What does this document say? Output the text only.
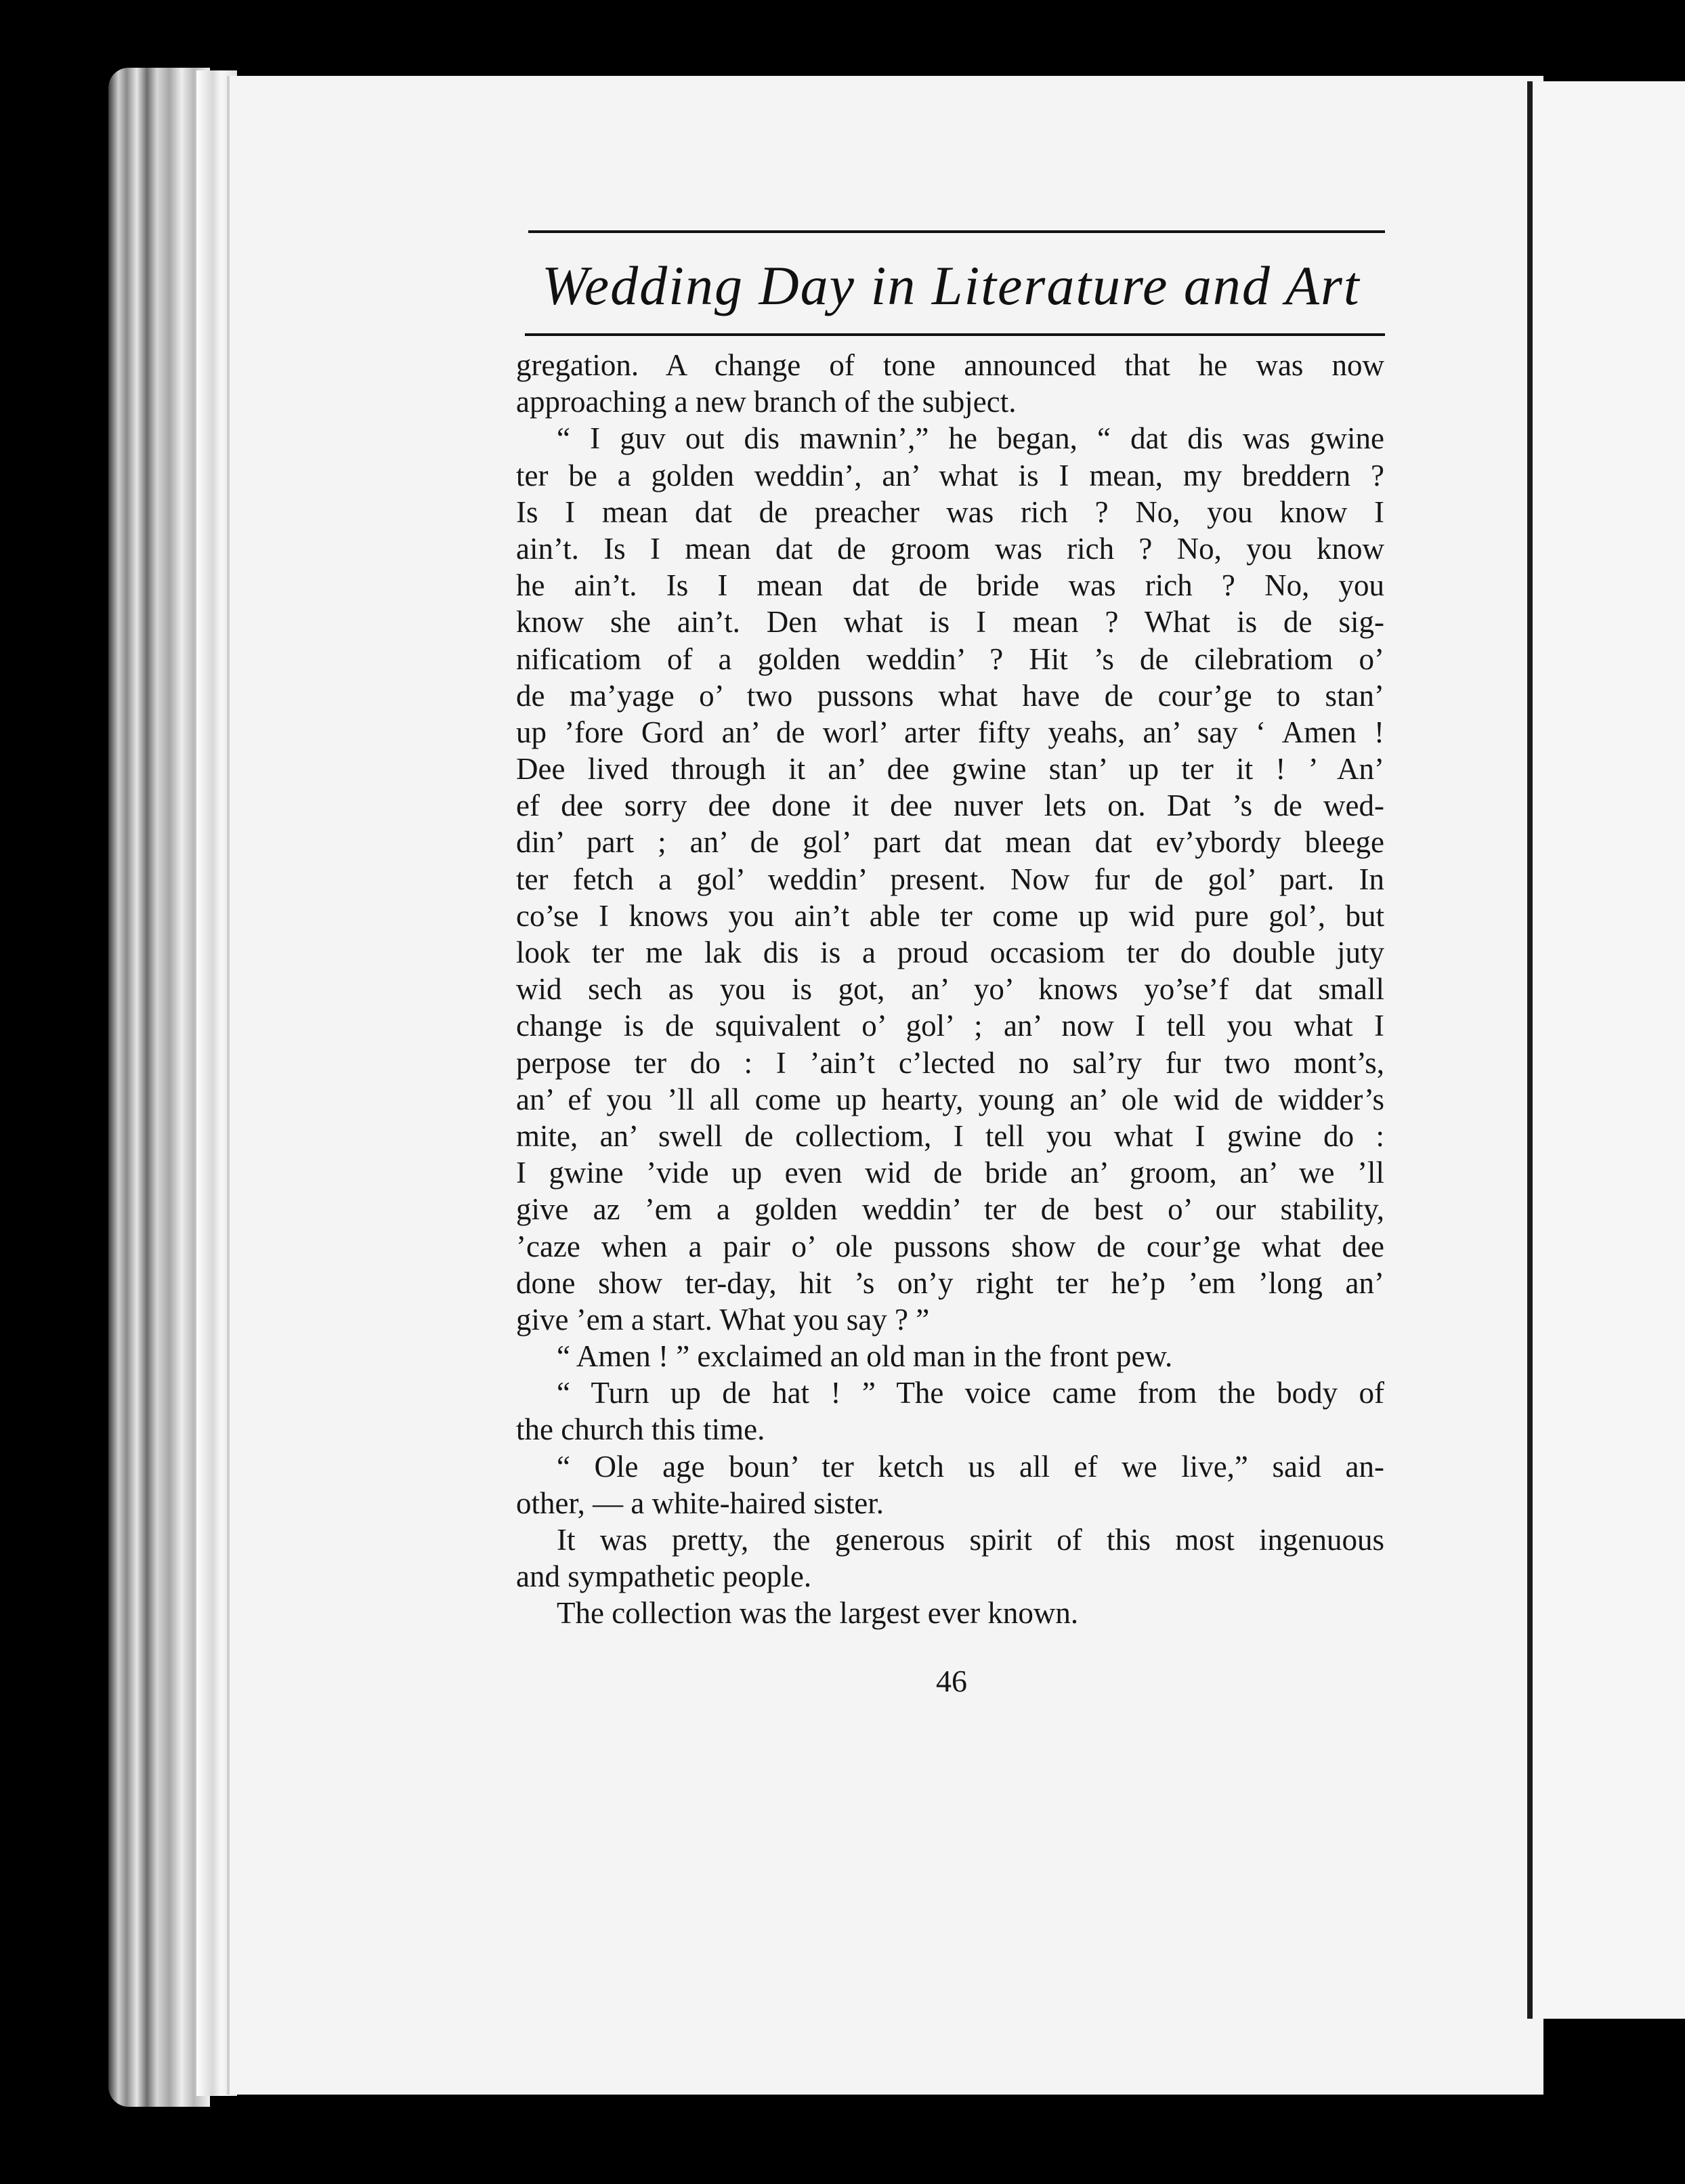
Wedding Day in Literature and Art
gregation. A change of tone announced that he was now
approaching a new branch of the subject.
“ I guv out dis mawnin’,” he began, “ dat dis was gwine
ter be a golden weddin’, an’ what is I mean, my breddern ?
Is I mean dat de preacher was rich ? No, you know I
ain’t. Is I mean dat de groom was rich ? No, you know
he ain’t. Is I mean dat de bride was rich ? No, you
know she ain’t. Den what is I mean ? What is de sig-
nificatiom of a golden weddin’ ? Hit ’s de cilebratiom o’
de ma’yage o’ two pussons what have de cour’ge to stan’
up ’fore Gord an’ de worl’ arter fifty yeahs, an’ say ‘ Amen !
Dee lived through it an’ dee gwine stan’ up ter it ! ’ An’
ef dee sorry dee done it dee nuver lets on. Dat ’s de wed-
din’ part ; an’ de gol’ part dat mean dat ev’ybordy bleege
ter fetch a gol’ weddin’ present. Now fur de gol’ part. In
co’se I knows you ain’t able ter come up wid pure gol’, but
look ter me lak dis is a proud occasiom ter do double juty
wid sech as you is got, an’ yo’ knows yo’se’f dat small
change is de squivalent o’ gol’ ; an’ now I tell you what I
perpose ter do : I ’ain’t c’lected no sal’ry fur two mont’s,
an’ ef you ’ll all come up hearty, young an’ ole wid de widder’s
mite, an’ swell de collectiom, I tell you what I gwine do :
I gwine ’vide up even wid de bride an’ groom, an’ we ’ll
give az ’em a golden weddin’ ter de best o’ our stability,
’caze when a pair o’ ole pussons show de cour’ge what dee
done show ter-day, hit ’s on’y right ter he’p ’em ’long an’
give ’em a start. What you say ? ”
“ Amen ! ” exclaimed an old man in the front pew.
“ Turn up de hat ! ” The voice came from the body of
the church this time.
“ Ole age boun’ ter ketch us all ef we live,” said an-
other, — a white-haired sister.
It was pretty, the generous spirit of this most ingenuous
and sympathetic people.
The collection was the largest ever known.
46
